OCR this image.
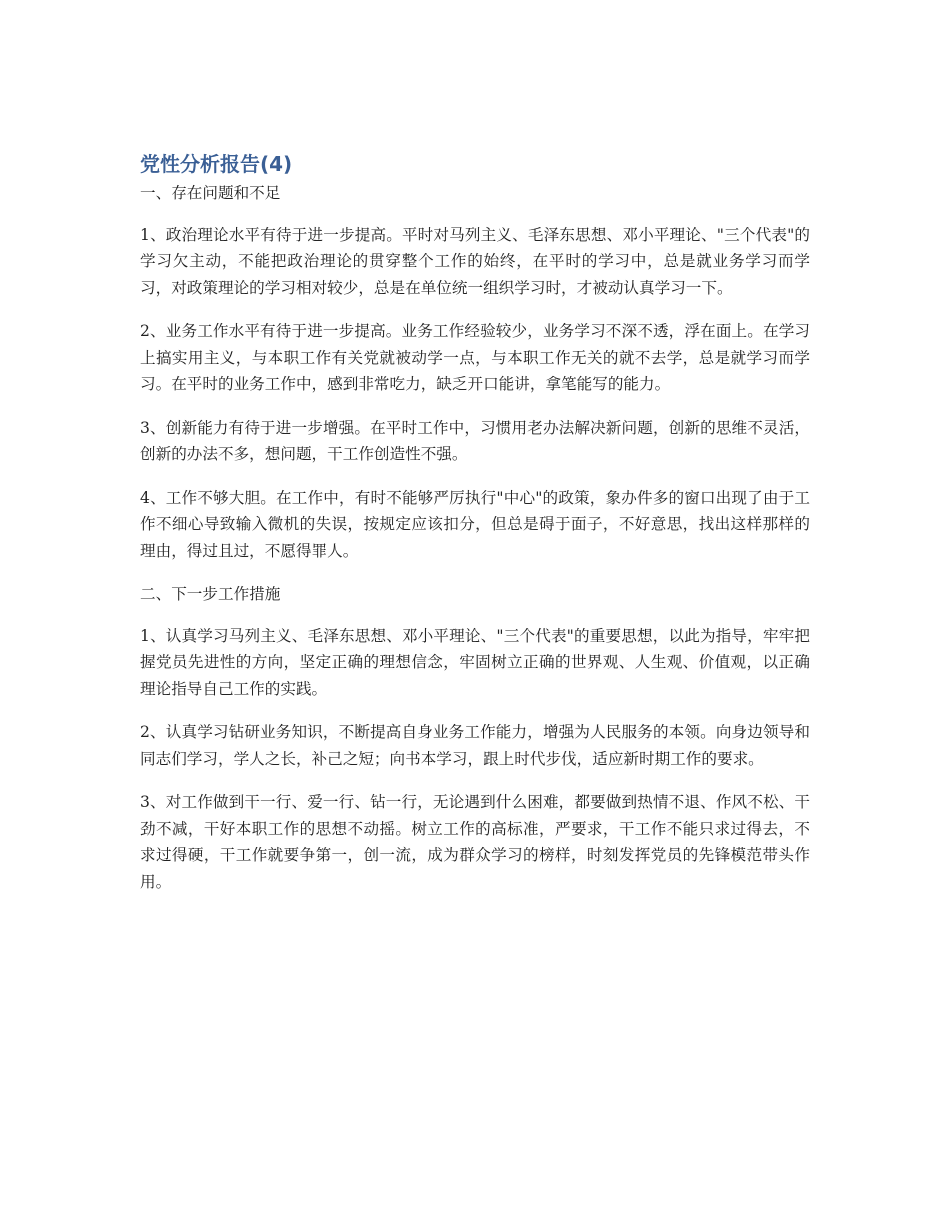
党性分析报告(4)

一、存在问题和不足

1、政治理论水平有待于进一步提高。平时对马列主义、毛泽东思想、邓小平理论、"三个代表"的学习欠主动，不能把政治理论的贯穿整个工作的始终，在平时的学习中，总是就业务学习而学习，对政策理论的学习相对较少，总是在单位统一组织学习时，才被动认真学习一下。

2、业务工作水平有待于进一步提高。业务工作经验较少，业务学习不深不透，浮在面上。在学习上搞实用主义，与本职工作有关党就被动学一点，与本职工作无关的就不去学，总是就学习而学习。在平时的业务工作中，感到非常吃力，缺乏开口能讲，拿笔能写的能力。

3、创新能力有待于进一步增强。在平时工作中，习惯用老办法解决新问题，创新的思维不灵活，创新的办法不多，想问题，干工作创造性不强。

4、工作不够大胆。在工作中，有时不能够严厉执行"中心"的政策，象办件多的窗口出现了由于工作不细心导致输入微机的失误，按规定应该扣分，但总是碍于面子，不好意思，找出这样那样的理由，得过且过，不愿得罪人。

二、下一步工作措施

1、认真学习马列主义、毛泽东思想、邓小平理论、"三个代表"的重要思想，以此为指导，牢牢把握党员先进性的方向，坚定正确的理想信念，牢固树立正确的世界观、人生观、价值观，以正确理论指导自己工作的实践。

2、认真学习钻研业务知识，不断提高自身业务工作能力，增强为人民服务的本领。向身边领导和同志们学习，学人之长，补己之短；向书本学习，跟上时代步伐，适应新时期工作的要求。

3、对工作做到干一行、爱一行、钻一行，无论遇到什么困难，都要做到热情不退、作风不松、干劲不减，干好本职工作的思想不动摇。树立工作的高标准，严要求，干工作不能只求过得去，不求过得硬，干工作就要争第一，创一流，成为群众学习的榜样，时刻发挥党员的先锋模范带头作用。
